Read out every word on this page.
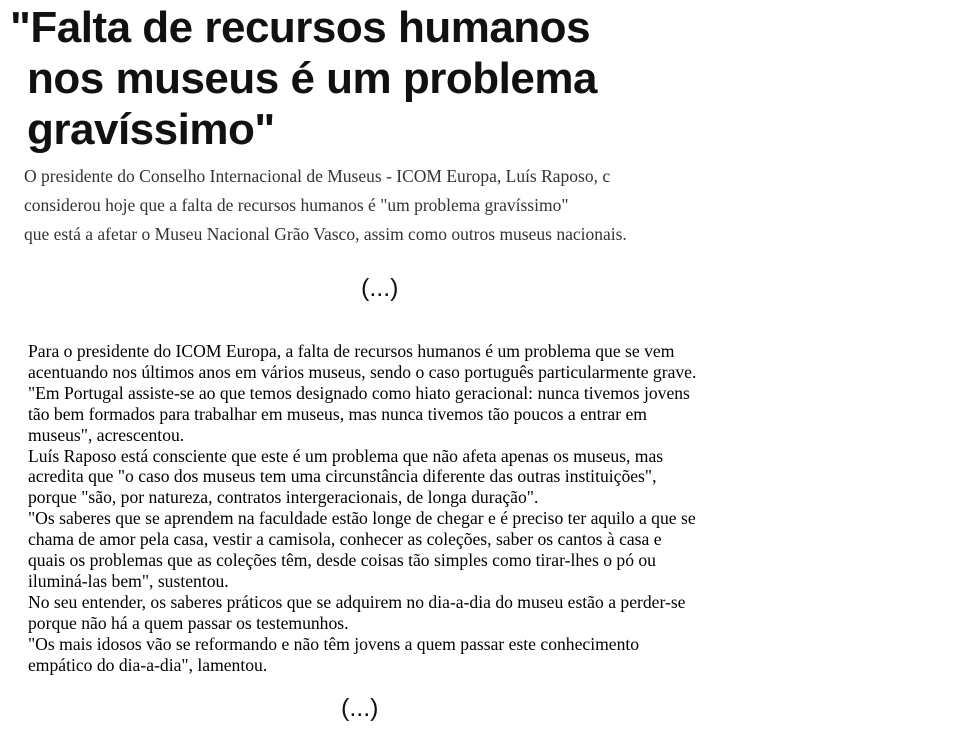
"Falta de recursos humanos
nos museus é um problema
gravíssimo"
O presidente do Conselho Internacional de Museus - ICOM Europa, Luís Raposo, c
considerou hoje que a falta de recursos humanos é "um problema gravíssimo"
que está a afetar o Museu Nacional Grão Vasco, assim como outros museus nacionais.
(...)
Para o presidente do ICOM Europa, a falta de recursos humanos é um problema que se vem
acentuando nos últimos anos em vários museus, sendo o caso português particularmente grave.
"Em Portugal assiste-se ao que temos designado como hiato geracional: nunca tivemos jovens
tão bem formados para trabalhar em museus, mas nunca tivemos tão poucos a entrar em
museus", acrescentou.
Luís Raposo está consciente que este é um problema que não afeta apenas os museus, mas
acredita que "o caso dos museus tem uma circunstância diferente das outras instituições",
porque "são, por natureza, contratos intergeracionais, de longa duração".
"Os saberes que se aprendem na faculdade estão longe de chegar e é preciso ter aquilo a que se
chama de amor pela casa, vestir a camisola, conhecer as coleções, saber os cantos à casa e
quais os problemas que as coleções têm, desde coisas tão simples como tirar-lhes o pó ou
iluminá-las bem", sustentou.
No seu entender, os saberes práticos que se adquirem no dia-a-dia do museu estão a perder-se
porque não há a quem passar os testemunhos.
"Os mais idosos vão se reformando e não têm jovens a quem passar este conhecimento
empático do dia-a-dia", lamentou.
(...)
